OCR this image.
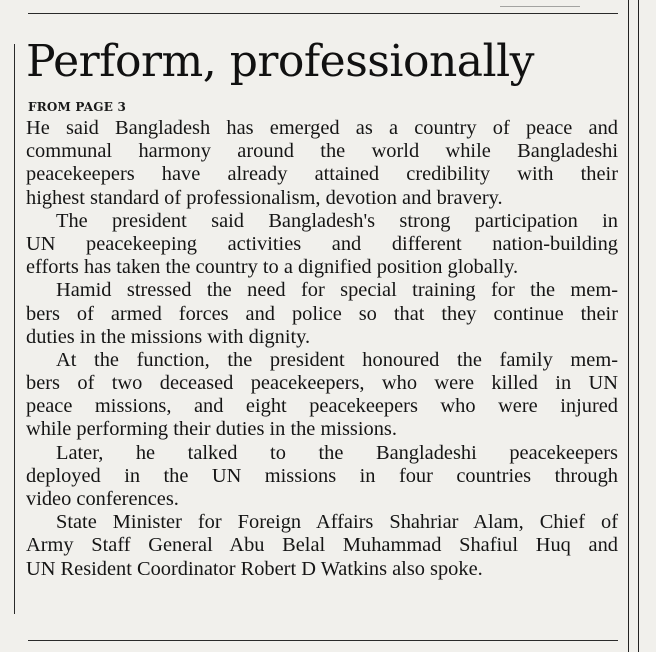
Perform, professionally
FROM PAGE 3
He said Bangladesh has emerged as a country of peace and
communal harmony around the world while Bangladeshi
peacekeepers have already attained credibility with their
highest standard of professionalism, devotion and bravery.
The president said Bangladesh's strong participation in
UN peacekeeping activities and different nation-building
efforts has taken the country to a dignified position globally.
Hamid stressed the need for special training for the mem-
bers of armed forces and police so that they continue their
duties in the missions with dignity.
At the function, the president honoured the family mem-
bers of two deceased peacekeepers, who were killed in UN
peace missions, and eight peacekeepers who were injured
while performing their duties in the missions.
Later, he talked to the Bangladeshi peacekeepers
deployed in the UN missions in four countries through
video conferences.
State Minister for Foreign Affairs Shahriar Alam, Chief of
Army Staff General Abu Belal Muhammad Shafiul Huq and
UN Resident Coordinator Robert D Watkins also spoke.
